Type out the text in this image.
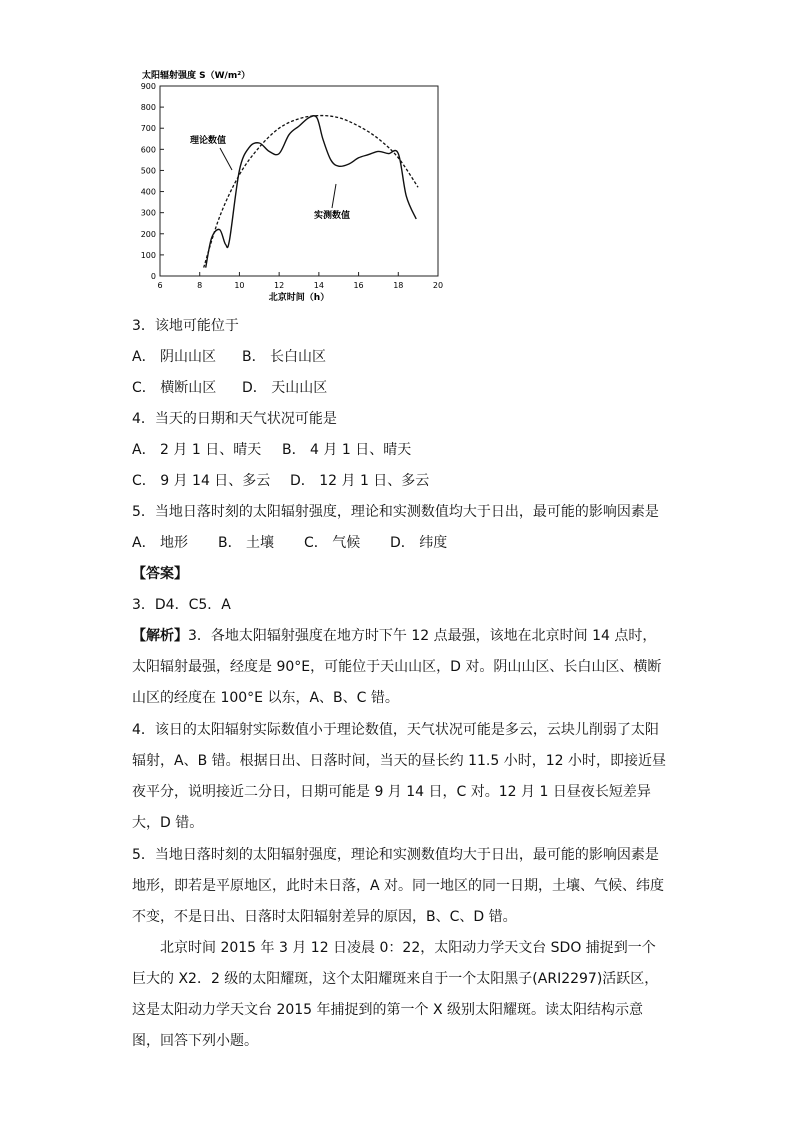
太阳辐射强度 S（W/m²）
0
100
200
300
400
500
600
700
800
900
6	8	10	12	14	16	18	20
理论数值
实测数值
北京时间（h）
3．该地可能位于
A． 阴山山区 B． 长白山区
C． 横断山区 D． 天山山区
4．当天的日期和天气状况可能是
A． 2 月 1 日、晴天 B． 4 月 1 日、晴天
C． 9 月 14 日、多云 D． 12 月 1 日、多云
5．当地日落时刻的太阳辐射强度，理论和实测数值均大于日出，最可能的影响因素是
A． 地形 B． 土壤 C． 气候 D． 纬度
【答案】
3．D4．C5．A
【解析】3．各地太阳辐射强度在地方时下午 12 点最强，该地在北京时间 14 点时，太阳辐射最强，经度是 90°E，可能位于天山山区，D 对。阴山山区、长白山区、横断山区的经度在 100°E 以东，A、B、C 错。
4．该日的太阳辐射实际数值小于理论数值，天气状况可能是多云，云块儿削弱了太阳辐射，A、B 错。根据日出、日落时间，当天的昼长约 11.5 小时，12 小时，即接近昼夜平分，说明接近二分日，日期可能是 9 月 14 日，C 对。12 月 1 日昼夜长短差异大，D 错。
5．当地日落时刻的太阳辐射强度，理论和实测数值均大于日出，最可能的影响因素是地形，即若是平原地区，此时未日落，A 对。同一地区的同一日期，土壤、气候、纬度不变，不是日出、日落时太阳辐射差异的原因，B、C、D 错。
北京时间 2015 年 3 月 12 日凌晨 0：22，太阳动力学天文台 SDO 捕捉到一个巨大的 X2．2 级的太阳耀斑，这个太阳耀斑来自于一个太阳黑子(ARI2297)活跃区，这是太阳动力学天文台 2015 年捕捉到的第一个 X 级别太阳耀斑。读太阳结构示意图，回答下列小题。
